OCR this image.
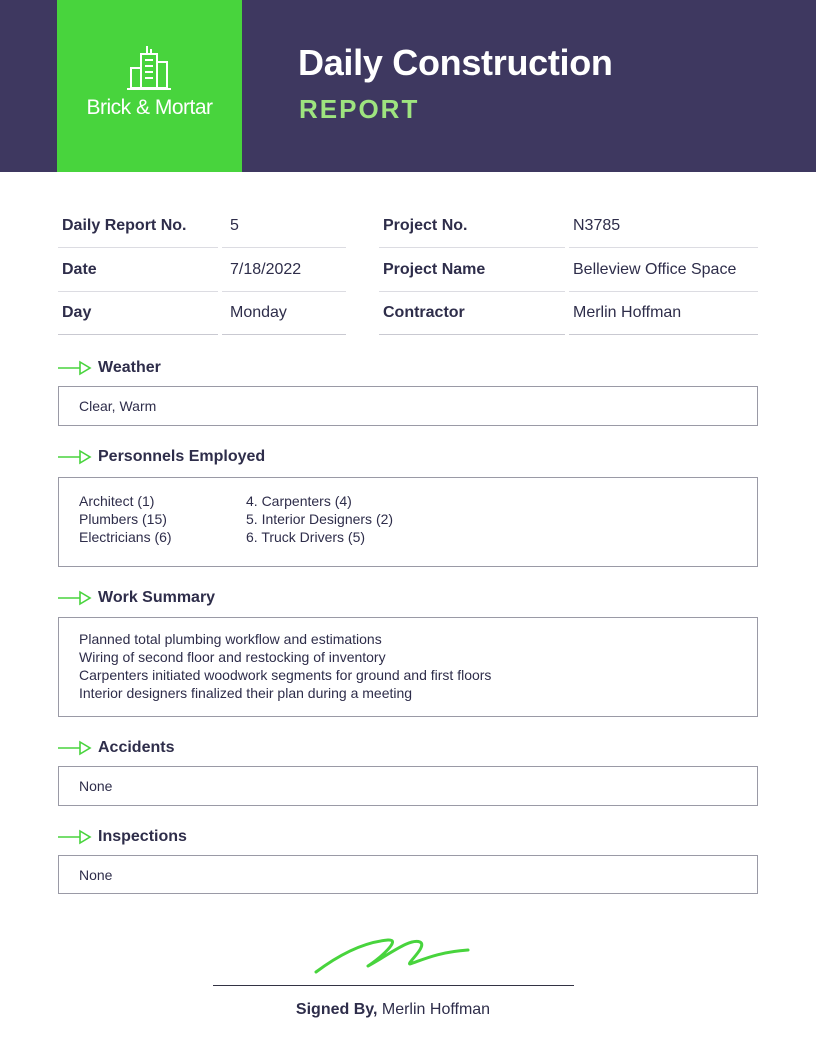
Brick & Mortar
Daily Construction
REPORT
Daily Report No.	5	Project No.	N3785
Date	7/18/2022	Project Name	Belleview Office Space
Day	Monday	Contractor	Merlin Hoffman
Weather
Clear, Warm
Personnels Employed
Architect (1)
Plumbers (15)
Electricians (6)
4. Carpenters (4)
5. Interior Designers (2)
6. Truck Drivers (5)
Work Summary
Planned total plumbing workflow and estimations
Wiring of second floor and restocking of inventory
Carpenters initiated woodwork segments for ground and first floors
Interior designers finalized their plan during a meeting
Accidents
None
Inspections
None
Signed By, Merlin Hoffman
